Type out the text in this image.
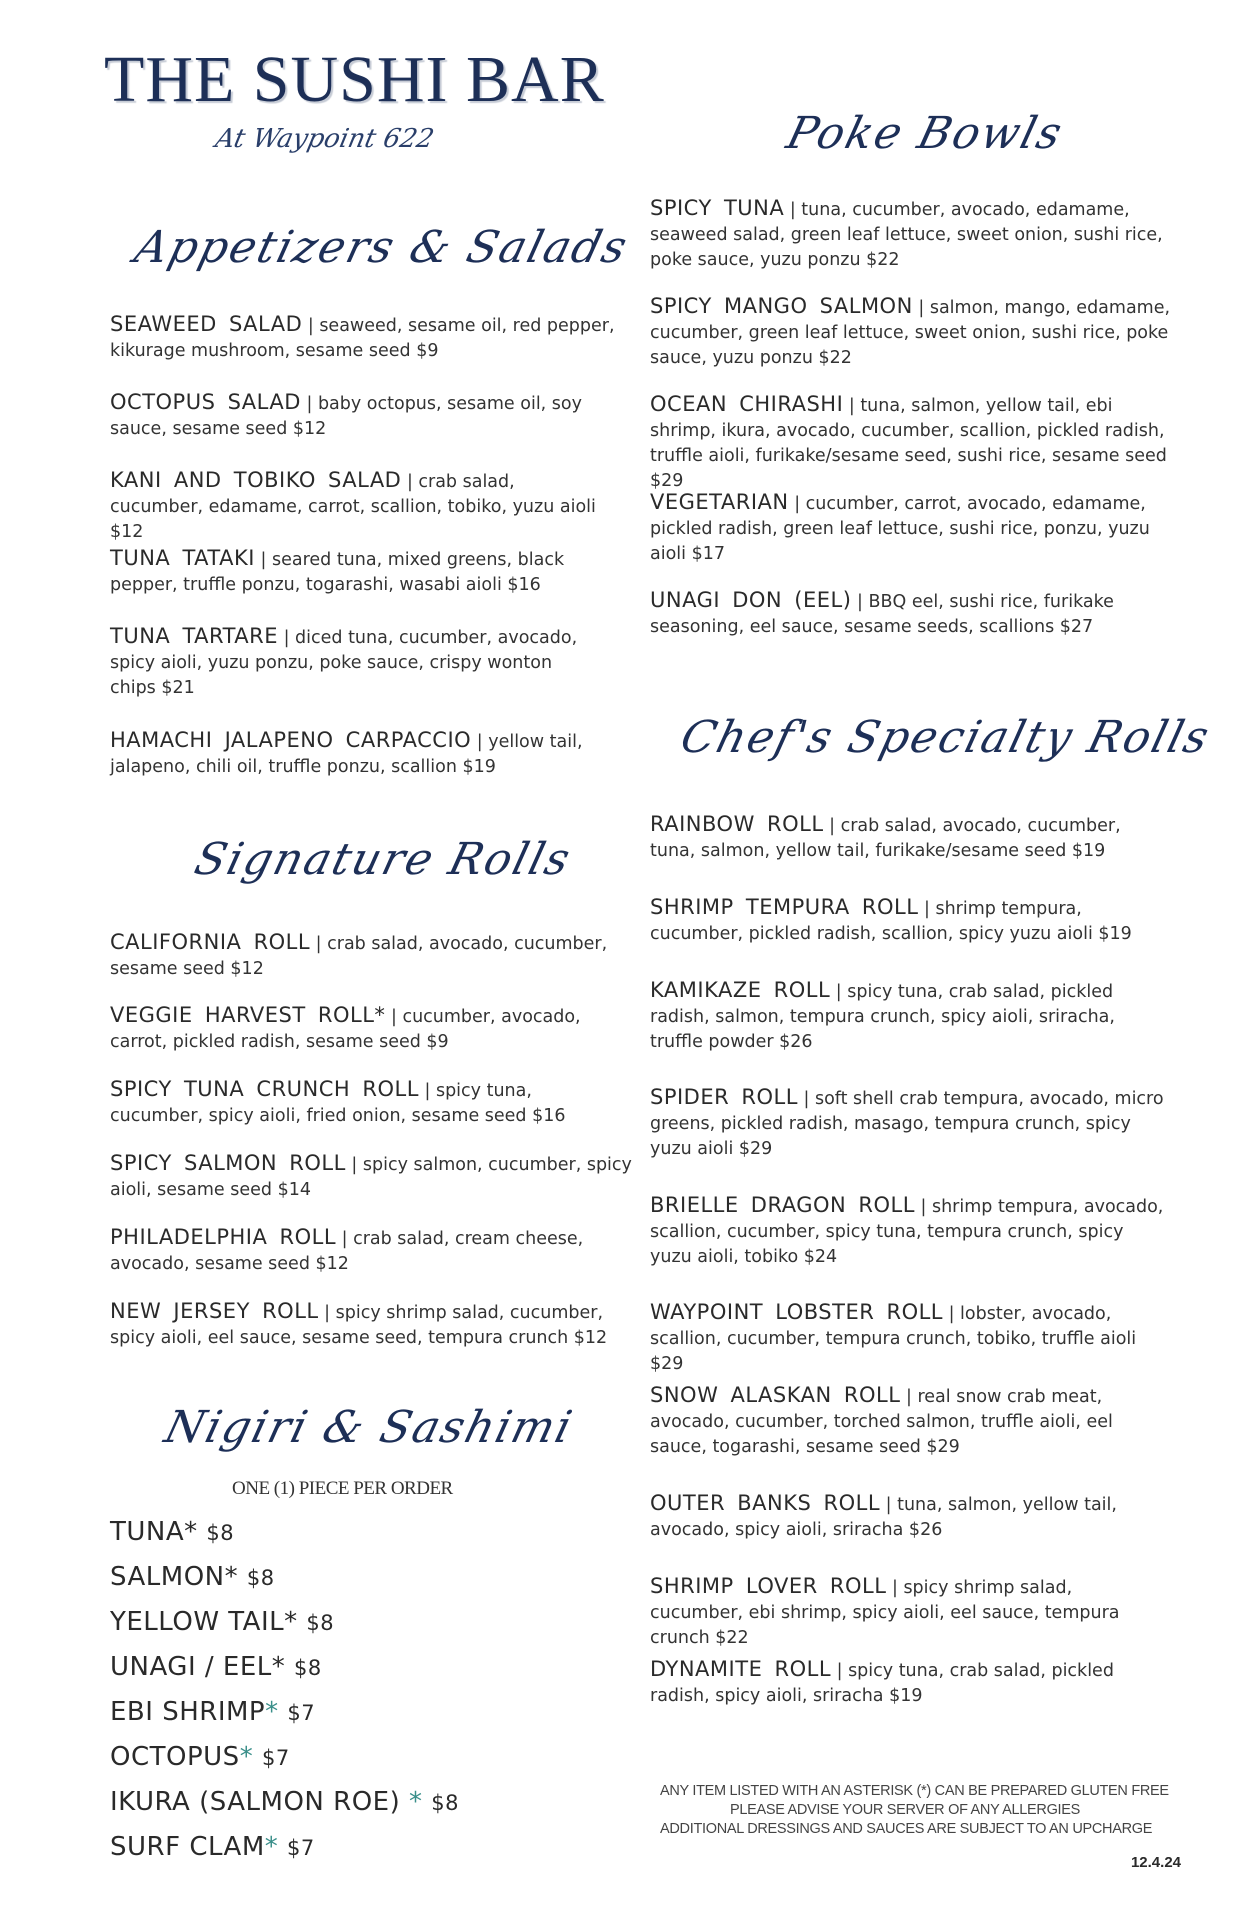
THE SUSHI BAR
At Waypoint 622
Appetizers & Salads
Signature Rolls
Nigiri & Sashimi
Poke Bowls
Chef's Specialty Rolls
SEAWEED SALAD | seaweed, sesame oil, red pepper, kikurage mushroom, sesame seed $9
OCTOPUS SALAD | baby octopus, sesame oil, soy sauce, sesame seed $12
KANI AND TOBIKO SALAD | crab salad, cucumber, edamame, carrot, scallion, tobiko, yuzu aioli $12
TUNA TATAKI | seared tuna, mixed greens, black pepper, truffle ponzu, togarashi, wasabi aioli $16
TUNA TARTARE | diced tuna, cucumber, avocado, spicy aioli, yuzu ponzu, poke sauce, crispy wonton chips $21
HAMACHI JALAPENO CARPACCIO | yellow tail, jalapeno, chili oil, truffle ponzu, scallion $19
CALIFORNIA ROLL | crab salad, avocado, cucumber, sesame seed $12
VEGGIE HARVEST ROLL* | cucumber, avocado, carrot, pickled radish, sesame seed $9
SPICY TUNA CRUNCH ROLL | spicy tuna, cucumber, spicy aioli, fried onion, sesame seed $16
SPICY SALMON ROLL | spicy salmon, cucumber, spicy aioli, sesame seed $14
PHILADELPHIA ROLL | crab salad, cream cheese, avocado, sesame seed $12
NEW JERSEY ROLL | spicy shrimp salad, cucumber, spicy aioli, eel sauce, sesame seed, tempura crunch $12
ONE (1) PIECE PER ORDER
TUNA* $8
SALMON* $8
YELLOW TAIL* $8
UNAGI / EEL* $8
EBI SHRIMP* $7
OCTOPUS* $7
IKURA (SALMON ROE) * $8
SURF CLAM* $7
SPICY TUNA | tuna, cucumber, avocado, edamame, seaweed salad, green leaf lettuce, sweet onion, sushi rice, poke sauce, yuzu ponzu $22
SPICY MANGO SALMON | salmon, mango, edamame, cucumber, green leaf lettuce, sweet onion, sushi rice, poke sauce, yuzu ponzu $22
OCEAN CHIRASHI | tuna, salmon, yellow tail, ebi shrimp, ikura, avocado, cucumber, scallion, pickled radish, truffle aioli, furikake/sesame seed, sushi rice, sesame seed $29
VEGETARIAN | cucumber, carrot, avocado, edamame, pickled radish, green leaf lettuce, sushi rice, ponzu, yuzu aioli $17
UNAGI DON (EEL) | BBQ eel, sushi rice, furikake seasoning, eel sauce, sesame seeds, scallions $27
RAINBOW ROLL | crab salad, avocado, cucumber, tuna, salmon, yellow tail, furikake/sesame seed $19
SHRIMP TEMPURA ROLL | shrimp tempura, cucumber, pickled radish, scallion, spicy yuzu aioli $19
KAMIKAZE ROLL | spicy tuna, crab salad, pickled radish, salmon, tempura crunch, spicy aioli, sriracha, truffle powder $26
SPIDER ROLL | soft shell crab tempura, avocado, micro greens, pickled radish, masago, tempura crunch, spicy yuzu aioli $29
BRIELLE DRAGON ROLL | shrimp tempura, avocado, scallion, cucumber, spicy tuna, tempura crunch, spicy yuzu aioli, tobiko $24
WAYPOINT LOBSTER ROLL | lobster, avocado, scallion, cucumber, tempura crunch, tobiko, truffle aioli $29
SNOW ALASKAN ROLL | real snow crab meat, avocado, cucumber, torched salmon, truffle aioli, eel sauce, togarashi, sesame seed $29
OUTER BANKS ROLL | tuna, salmon, yellow tail, avocado, spicy aioli, sriracha $26
SHRIMP LOVER ROLL | spicy shrimp salad, cucumber, ebi shrimp, spicy aioli, eel sauce, tempura crunch $22
DYNAMITE ROLL | spicy tuna, crab salad, pickled radish, spicy aioli, sriracha $19
ANY ITEM LISTED WITH AN ASTERISK (*) CAN BE PREPARED GLUTEN FREE
PLEASE ADVISE YOUR SERVER OF ANY ALLERGIES
ADDITIONAL DRESSINGS AND SAUCES ARE SUBJECT TO AN UPCHARGE
12.4.24
